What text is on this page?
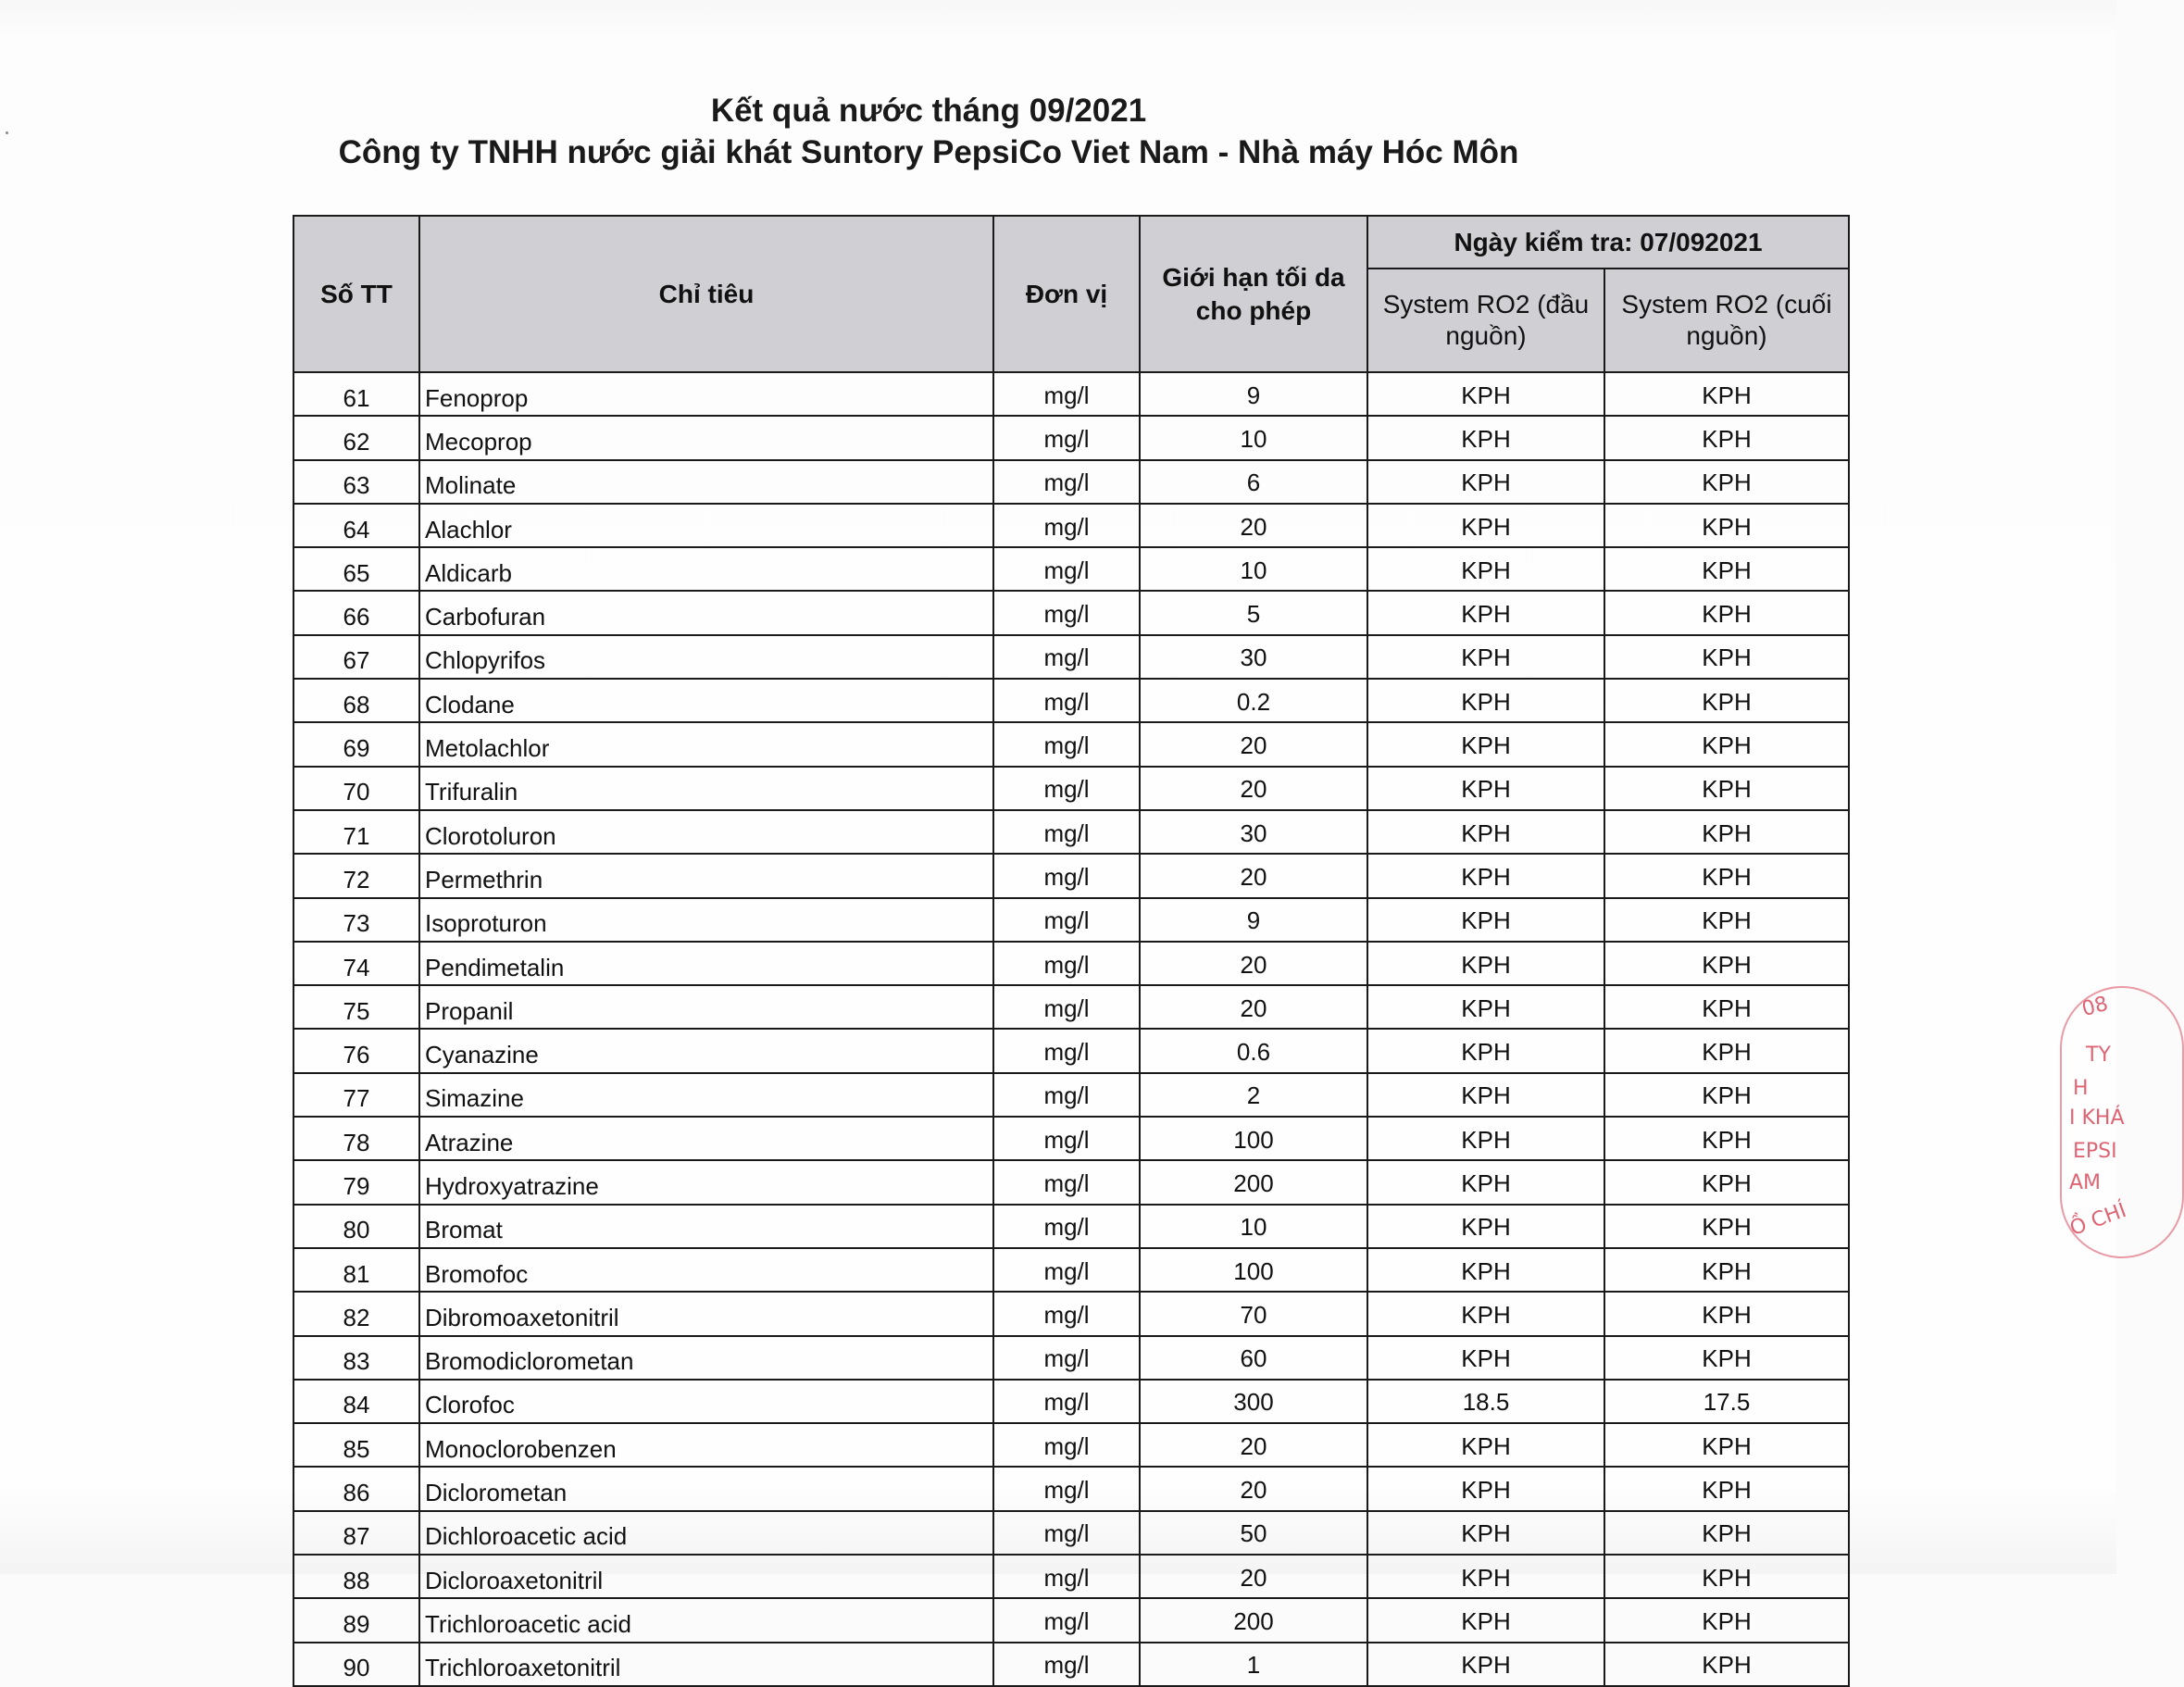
Kết quả nước tháng 09/2021
Công ty TNHH nước giải khát Suntory PepsiCo Viet Nam - Nhà máy Hóc Môn
Số TT	Chỉ tiêu	Đơn vị	Giới hạn tối da cho phép	Ngày kiểm tra: 07/092021	
				System RO2 (đầu nguồn)	System RO2 (cuối nguồn)
61	Fenoprop	mg/l	9	KPH	KPH
62	Mecoprop	mg/l	10	KPH	KPH
63	Molinate	mg/l	6	KPH	KPH
64	Alachlor	mg/l	20	KPH	KPH
65	Aldicarb	mg/l	10	KPH	KPH
66	Carbofuran	mg/l	5	KPH	KPH
67	Chlopyrifos	mg/l	30	KPH	KPH
68	Clodane	mg/l	0.2	KPH	KPH
69	Metolachlor	mg/l	20	KPH	KPH
70	Trifuralin	mg/l	20	KPH	KPH
71	Clorotoluron	mg/l	30	KPH	KPH
72	Permethrin	mg/l	20	KPH	KPH
73	Isoproturon	mg/l	9	KPH	KPH
74	Pendimetalin	mg/l	20	KPH	KPH
75	Propanil	mg/l	20	KPH	KPH
76	Cyanazine	mg/l	0.6	KPH	KPH
77	Simazine	mg/l	2	KPH	KPH
78	Atrazine	mg/l	100	KPH	KPH
79	Hydroxyatrazine	mg/l	200	KPH	KPH
80	Bromat	mg/l	10	KPH	KPH
81	Bromofoc	mg/l	100	KPH	KPH
82	Dibromoaxetonitril	mg/l	70	KPH	KPH
83	Bromodiclorometan	mg/l	60	KPH	KPH
84	Clorofoc	mg/l	300	18.5	17.5
85	Monoclorobenzen	mg/l	20	KPH	KPH
86	Diclorometan	mg/l	20	KPH	KPH
87	Dichloroacetic acid	mg/l	50	KPH	KPH
88	Dicloroaxetonitril	mg/l	20	KPH	KPH
89	Trichloroacetic acid	mg/l	200	KPH	KPH
90	Trichloroaxetonitril	mg/l	1	KPH	KPH
08
TY
H
I KHÁ
EPSI
AM
Ồ CHÍ
